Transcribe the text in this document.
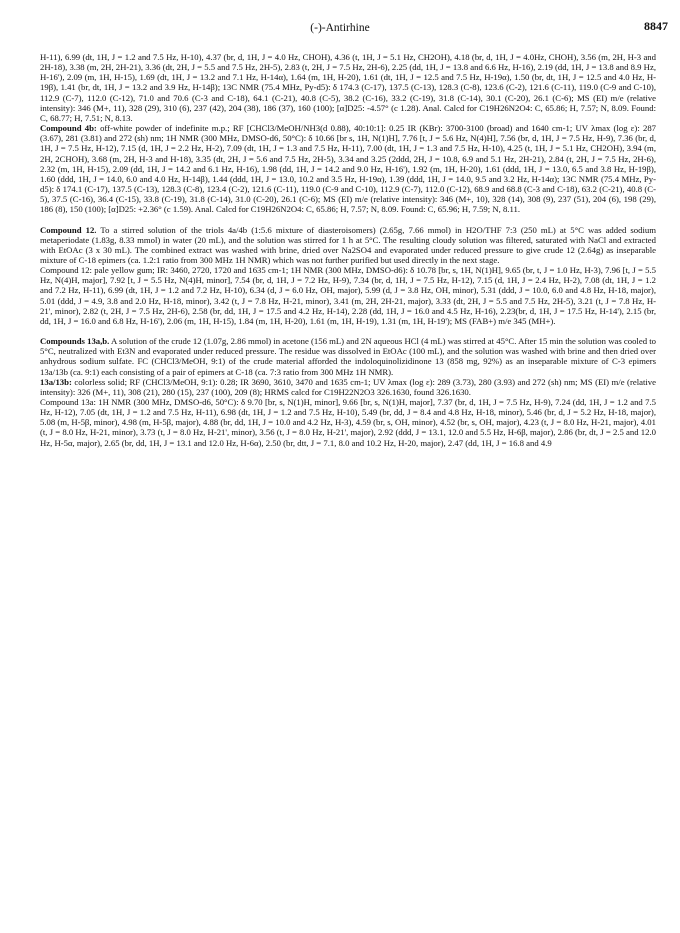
(-)-Antirhine	8847

H-11), 6.99 (dt, 1H, J = 1.2 and 7.5 Hz, H-10), 4.37 (br, d, 1H, J = 4.0 Hz, CHOH), 4.36 (t, 1H, J = 5.1 Hz, CH2OH), 4.18 (br, d, 1H, J = 4.0Hz, CHOH), 3.56 (m, 2H, H-3 and 2H-18), 3.38 (m, 2H, 2H-21), 3.36 (dt, 2H, J = 5.5 and 7.5 Hz, 2H-5), 2.83 (t, 2H, J = 7.5 Hz, 2H-6), 2.25 (dd, 1H, J = 13.8 and 6.6 Hz, H-16), 2.19 (dd, 1H, J = 13.8 and 8.9 Hz, H-16'), 2.09 (m, 1H, H-15), 1.69 (dt, 1H, J = 13.2 and 7.1 Hz, H-14α), 1.64 (m, 1H, H-20), 1.61 (dt, 1H, J = 12.5 and 7.5 Hz, H-19α), 1.50 (br, dt, 1H, J = 12.5 and 4.0 Hz, H-19β), 1.41 (br, dt, 1H, J = 13.2 and 3.9 Hz, H-14β); 13C NMR (75.4 MHz, Py-d5): δ 174.3 (C-17), 137.5 (C-13), 128.3 (C-8), 123.6 (C-2), 121.6 (C-11), 119.0 (C-9 and C-10), 112.9 (C-7), 112.0 (C-12), 71.0 and 70.6 (C-3 and C-18), 64.1 (C-21), 40.8 (C-5), 38.2 (C-16), 33.2 (C-19), 31.8 (C-14), 30.1 (C-20), 26.1 (C-6); MS (EI) m/e (relative intensity): 346 (M+, 11), 328 (29), 310 (6), 237 (42), 204 (38), 186 (37), 160 (100); [α]D25: -4.57° (c 1.28). Anal. Calcd for C19H26N2O4: C, 65.86; H, 7.57; N, 8.09. Found: C, 68.77; H, 7.51; N, 8.13.

Compound 4b: off-white powder of indefinite m.p.; RF [CHCl3/MeOH/NH3(d 0.88), 40:10:1]: 0.25 IR (KBr): 3700-3100 (broad) and 1640 cm-1; UV λmax (log ε): 287 (3.67), 281 (3.81) and 272 (sh) nm; 1H NMR (300 MHz, DMSO-d6, 50°C): δ 10.66 [br s, 1H, N(1)H], 7.76 [t, J = 5.6 Hz, N(4)H], 7.56 (br, d, 1H, J = 7.5 Hz, H-9), 7.36 (br, d, 1H, J = 7.5 Hz, H-12), 7.15 (d, 1H, J = 2.2 Hz, H-2), 7.09 (dt, 1H, J = 1.3 and 7.5 Hz, H-11), 7.00 (dt, 1H, J = 1.3 and 7.5 Hz, H-10), 4.25 (t, 1H, J = 5.1 Hz, CH2OH), 3.94 (m, 2H, 2CHOH), 3.68 (m, 2H, H-3 and H-18), 3.35 (dt, 2H, J = 5.6 and 7.5 Hz, 2H-5), 3.34 and 3.25 (2ddd, 2H, J = 10.8, 6.9 and 5.1 Hz, 2H-21), 2.84 (t, 2H, J = 7.5 Hz, 2H-6), 2.32 (m, 1H, H-15), 2.09 (dd, 1H, J = 14.2 and 6.1 Hz, H-16), 1.98 (dd, 1H, J = 14.2 and 9.0 Hz, H-16'), 1.92 (m, 1H, H-20), 1.61 (ddd, 1H, J = 13.0, 6.5 and 3.8 Hz, H-19β), 1.60 (ddd, 1H, J = 14.0, 6.0 and 4.0 Hz, H-14β), 1.44 (ddd, 1H, J = 13.0, 10.2 and 3.5 Hz, H-19α), 1.39 (ddd, 1H, J = 14.0, 9.5 and 3.2 Hz, H-14α); 13C NMR (75.4 MHz, Py-d5): δ 174.1 (C-17), 137.5 (C-13), 128.3 (C-8), 123.4 (C-2), 121.6 (C-11), 119.0 (C-9 and C-10), 112.9 (C-7), 112.0 (C-12), 68.9 and 68.8 (C-3 and C-18), 63.2 (C-21), 40.8 (C-5), 37.5 (C-16), 36.4 (C-15), 33.8 (C-19), 31.8 (C-14), 31.0 (C-20), 26.1 (C-6); MS (EI) m/e (relative intensity): 346 (M+, 10), 328 (14), 308 (9), 237 (51), 204 (6), 198 (29), 186 (8), 150 (100); [α]D25: +2.36° (c 1.59). Anal. Calcd for C19H26N2O4: C, 65.86; H, 7.57; N, 8.09. Found: C, 65.96; H, 7.59; N, 8.11.

Compound 12. To a stirred solution of the triols 4a/4b (1:5.6 mixture of diasteroisomers) (2.65g, 7.66 mmol) in H2O/THF 7:3 (250 mL) at 5°C was added sodium metaperiodate (1.83g, 8.33 mmol) in water (20 mL), and the solution was stirred for 1 h at 5°C. The resulting cloudy solution was filtered, saturated with NaCl and extracted with EtOAc (3 x 30 mL). The combined extract was washed with brine, dried over Na2SO4 and evaporated under reduced pressure to give crude 12 (2.64g) as inseparable mixture of C-18 epimers (ca. 1.2:1 ratio from 300 MHz 1H NMR) which was not further purified but used directly in the next stage.

Compound 12: pale yellow gum; IR: 3460, 2720, 1720 and 1635 cm-1; 1H NMR (300 MHz, DMSO-d6): δ 10.78 [br, s, 1H, N(1)H], 9.65 (br, t, J = 1.0 Hz, H-3), 7.96 [t, J = 5.5 Hz, N(4)H, major], 7.92 [t, J = 5.5 Hz, N(4)H, minor], 7.54 (br, d, 1H, J = 7.2 Hz, H-9), 7.34 (br, d, 1H, J = 7.5 Hz, H-12), 7.15 (d, 1H, J = 2.4 Hz, H-2), 7.08 (dt, 1H, J = 1.2 and 7.2 Hz, H-11), 6.99 (dt, 1H, J = 1.2 and 7.2 Hz, H-10), 6.34 (d, J = 6.0 Hz, OH, major), 5.99 (d, J = 3.8 Hz, OH, minor), 5.31 (ddd, J = 10.0, 6.0 and 4.8 Hz, H-18, major), 5.01 (ddd, J = 4.9, 3.8 and 2.0 Hz, H-18, minor), 3.42 (t, J = 7.8 Hz, H-21, minor), 3.41 (m, 2H, 2H-21, major), 3.33 (dt, 2H, J = 5.5 and 7.5 Hz, 2H-5), 3.21 (t, J = 7.8 Hz, H-21', minor), 2.82 (t, 2H, J = 7.5 Hz, 2H-6), 2.58 (br, dd, 1H, J = 17.5 and 4.2 Hz, H-14), 2.28 (dd, 1H, J = 16.0 and 4.5 Hz, H-16), 2.23(br, d, 1H, J = 17.5 Hz, H-14'), 2.15 (br, dd, 1H, J = 16.0 and 6.8 Hz, H-16'), 2.06 (m, 1H, H-15), 1.84 (m, 1H, H-20), 1.61 (m, 1H, H-19), 1.31 (m, 1H, H-19'); MS (FAB+) m/e 345 (MH+).

Compounds 13a,b. A solution of the crude 12 (1.07g, 2.86 mmol) in acetone (156 mL) and 2N aqueous HCl (4 mL) was stirred at 45°C. After 15 min the solution was cooled to 5°C, neutralized with Et3N and evaporated under reduced pressure. The residue was dissolved in EtOAc (100 mL), and the solution was washed with brine and then dried over anhydrous sodium sulfate. FC (CHCl3/MeOH, 9:1) of the crude material afforded the indoloquinolizidinone 13 (858 mg, 92%) as an inseparable mixture of C-3 epimers 13a/13b (ca. 9:1) each consisting of a pair of epimers at C-18 (ca. 7:3 ratio from 300 MHz 1H NMR).

13a/13b: colorless solid; RF (CHCl3/MeOH, 9:1): 0.28; IR 3690, 3610, 3470 and 1635 cm-1; UV λmax (log ε): 289 (3.73), 280 (3.93) and 272 (sh) nm; MS (EI) m/e (relative intensity): 326 (M+, 11), 308 (21), 280 (15), 237 (100), 209 (8); HRMS calcd for C19H22N2O3 326.1630, found 326.1630.

Compound 13a: 1H NMR (300 MHz, DMSO-d6, 50°C): δ 9.70 [br, s, N(1)H, minor], 9.66 [br, s, N(1)H, major], 7.37 (br, d, 1H, J = 7.5 Hz, H-9), 7.24 (dd, 1H, J = 1.2 and 7.5 Hz, H-12), 7.05 (dt, 1H, J = 1.2 and 7.5 Hz, H-11), 6.98 (dt, 1H, J = 1.2 and 7.5 Hz, H-10), 5.49 (br, dd, J = 8.4 and 4.8 Hz, H-18, minor), 5.46 (br, d, J = 5.2 Hz, H-18, major), 5.08 (m, H-5β, minor), 4.98 (m, H-5β, major), 4.88 (br, dd, 1H, J = 10.0 and 4.2 Hz, H-3), 4.59 (br, s, OH, minor), 4.52 (br, s, OH, major), 4.23 (t, J = 8.0 Hz, H-21, major), 4.01 (t, J = 8.0 Hz, H-21, minor), 3.73 (t, J = 8.0 Hz, H-21', minor), 3.56 (t, J = 8.0 Hz, H-21', major), 2.92 (ddd, J = 13.1, 12.0 and 5.5 Hz, H-6β, major), 2.86 (br, dt, J = 2.5 and 12.0 Hz, H-5α, major), 2.65 (br, dd, 1H, J = 13.1 and 12.0 Hz, H-6α), 2.50 (br, dtt, J = 7.1, 8.0 and 10.2 Hz, H-20, major), 2.47 (dd, 1H, J = 16.8 and 4.9
